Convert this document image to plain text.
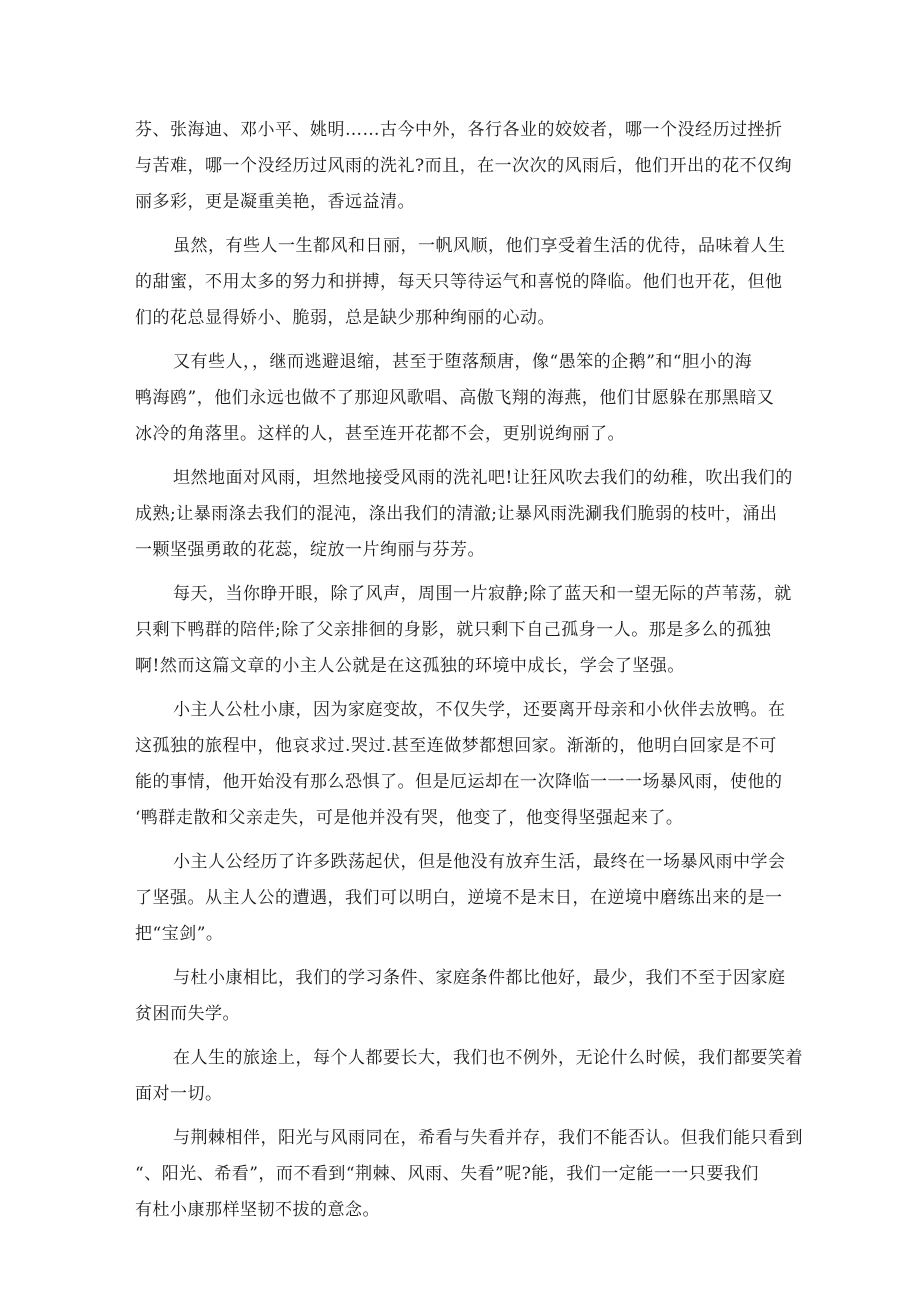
芬、张海迪、邓小平、姚明……古今中外，各行各业的姣姣者，哪一个没经历过挫折
与苦难，哪一个没经历过风雨的洗礼?而且，在一次次的风雨后，他们开出的花不仅绚
丽多彩，更是凝重美艳，香远益清。
虽然，有些人一生都风和日丽，一帆风顺，他们享受着生活的优待，品味着人生
的甜蜜，不用太多的努力和拼搏，每天只等待运气和喜悦的降临。他们也开花，但他
们的花总显得娇小、脆弱，总是缺少那种绚丽的心动。
又有些人，，继而逃避退缩，甚至于堕落颓唐，像“愚笨的企鹅”和“胆小的海
鸭海鸥”，他们永远也做不了那迎风歌唱、高傲飞翔的海燕，他们甘愿躲在那黑暗又
冰冷的角落里。这样的人，甚至连开花都不会，更别说绚丽了。
坦然地面对风雨，坦然地接受风雨的洗礼吧!让狂风吹去我们的幼稚，吹出我们的
成熟;让暴雨涤去我们的混沌，涤出我们的清澈;让暴风雨洗涮我们脆弱的枝叶，涌出
一颗坚强勇敢的花蕊，绽放一片绚丽与芬芳。
每天，当你睁开眼，除了风声，周围一片寂静;除了蓝天和一望无际的芦苇荡，就
只剩下鸭群的陪伴;除了父亲排徊的身影，就只剩下自己孤身一人。那是多么的孤独
啊!然而这篇文章的小主人公就是在这孤独的环境中成长，学会了坚强。
小主人公杜小康，因为家庭变故，不仅失学，还要离开母亲和小伙伴去放鸭。在
这孤独的旅程中，他哀求过.哭过.甚至连做梦都想回家。渐渐的，他明白回家是不可
能的事情，他开始没有那么恐惧了。但是厄运却在一次降临一一一场暴风雨，使他的
‘鸭群走散和父亲走失，可是他并没有哭，他变了，他变得坚强起来了。
小主人公经历了许多跌荡起伏，但是他没有放弃生活，最终在一场暴风雨中学会
了坚强。从主人公的遭遇，我们可以明白，逆境不是末日，在逆境中磨练出来的是一
把“宝剑”。
与杜小康相比，我们的学习条件、家庭条件都比他好，最少，我们不至于因家庭
贫困而失学。
在人生的旅途上，每个人都要长大，我们也不例外，无论什么时候，我们都要笑着
面对一切。
与荆棘相伴，阳光与风雨同在，希看与失看并存，我们不能否认。但我们能只看到
“、阳光、希看”，而不看到“荆棘、风雨、失看”呢?能，我们一定能一一只要我们
有杜小康那样坚韧不拔的意念。
